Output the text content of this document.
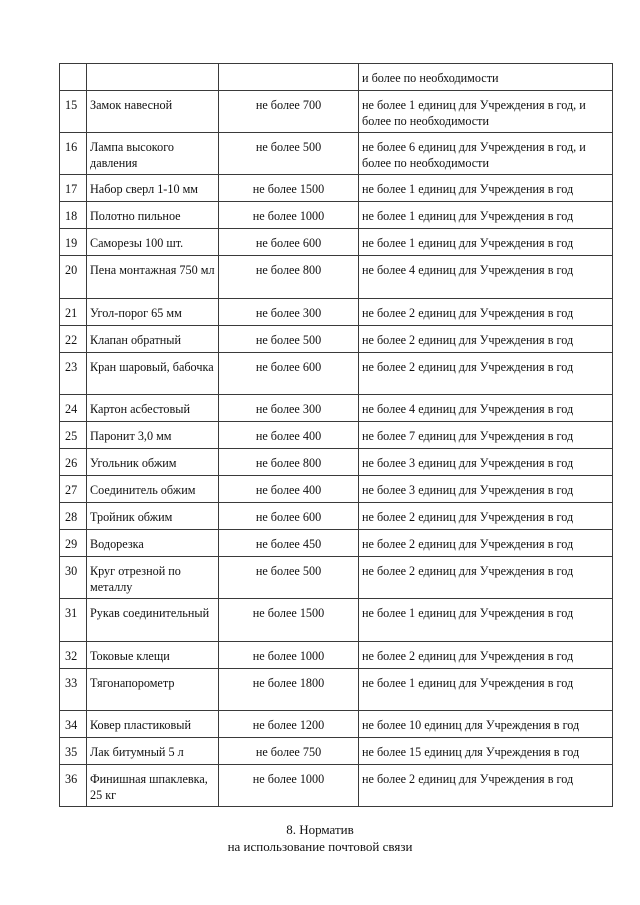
			и более по необходимости
15	Замок навесной	не более 700	не более 1 единиц для Учреждения в год, и более по необходимости
16	Лампа высокого давления	не более 500	не более 6 единиц для Учреждения в год, и более по необходимости
17	Набор сверл 1-10 мм	не более 1500	не более 1 единиц для Учреждения в год
18	Полотно пильное	не более 1000	не более 1 единиц для Учреждения в год
19	Саморезы 100 шт.	не более 600	не более 1 единиц для Учреждения в год
20	Пена монтажная 750 мл	не более 800	не более 4 единиц для Учреждения в год
21	Угол-порог 65 мм	не более 300	не более 2 единиц для Учреждения в год
22	Клапан обратный	не более 500	не более 2 единиц для Учреждения в год
23	Кран шаровый, бабочка	не более 600	не более 2 единиц для Учреждения в год
24	Картон асбестовый	не более 300	не более 4 единиц для Учреждения в год
25	Паронит 3,0 мм	не более 400	не более 7 единиц для Учреждения в год
26	Угольник обжим	не более 800	не более 3 единиц для Учреждения в год
27	Соединитель обжим	не более 400	не более 3 единиц для Учреждения в год
28	Тройник обжим	не более 600	не более 2 единиц для Учреждения в год
29	Водорезка	не более 450	не более 2 единиц для Учреждения в год
30	Круг отрезной по металлу	не более 500	не более 2 единиц для Учреждения в год
31	Рукав соединительный	не более 1500	не более 1 единиц для Учреждения в год
32	Токовые клещи	не более 1000	не более 2 единиц для Учреждения в год
33	Тягонапорометр	не более 1800	не более 1 единиц для Учреждения в год
34	Ковер пластиковый	не более 1200	не более 10 единиц для Учреждения в год
35	Лак битумный 5 л	не более 750	не более 15 единиц для Учреждения в год
36	Финишная шпаклевка, 25 кг	не более 1000	не более 2 единиц для Учреждения в год
8. Норматив
на использование почтовой связи
